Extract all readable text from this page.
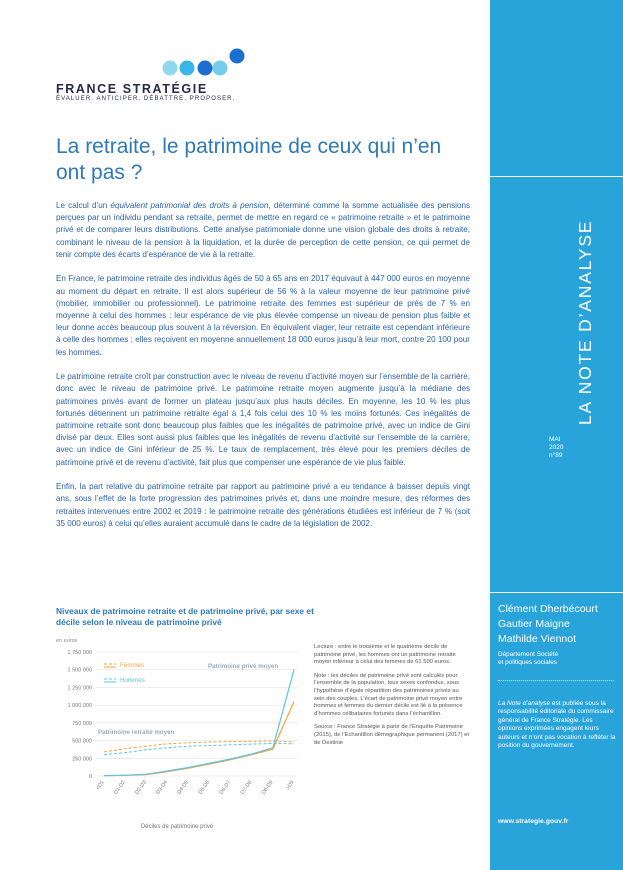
FRANCE STRATÉGIE
ÉVALUER. ANTICIPER. DÉBATTRE. PROPOSER.
La retraite, le patrimoine de ceux qui n’en ont pas ?

Le calcul d’un équivalent patrimonial des droits à pension, déterminé comme la somme actualisée des pensions perçues par un individu pendant sa retraite, permet de mettre en regard ce « patrimoine retraite » et le patrimoine privé et de comparer leurs distributions. Cette analyse patrimoniale donne une vision globale des droits à retraite, combinant le niveau de la pension à la liquidation, et la durée de perception de cette pension, ce qui permet de tenir compte des écarts d’espérance de vie à la retraite.

En France, le patrimoine retraite des individus âgés de 50 à 65 ans en 2017 équivaut à 447 000 euros en moyenne au moment du départ en retraite. Il est alors supérieur de 56 % à la valeur moyenne de leur patrimoine privé (mobilier, immobilier ou professionnel). Le patrimoine retraite des femmes est supérieur de près de 7 % en moyenne à celui des hommes : leur espérance de vie plus élevée compense un niveau de pension plus faible et leur donne accès beaucoup plus souvent à la réversion. En équivalent viager, leur retraite est cependant inférieure à celle des hommes : elles reçoivent en moyenne annuellement 18 000 euros jusqu’à leur mort, contre 20 100 pour les hommes.

Le patrimoine retraite croît par construction avec le niveau de revenu d’activité moyen sur l’ensemble de la carrière, donc avec le niveau de patrimoine privé. Le patrimoine retraite moyen augmente jusqu’à la médiane des patrimoines privés avant de former un plateau jusqu’aux plus hauts déciles. En moyenne, les 10 % les plus fortunés détiennent un patrimoine retraite égal à 1,4 fois celui des 10 % les moins fortunés. Ces inégalités de patrimoine retraite sont donc beaucoup plus faibles que les inégalités de patrimoine privé, avec un indice de Gini divisé par deux. Elles sont aussi plus faibles que les inégalités de revenu d’activité sur l’ensemble de la carrière, avec un indice de Gini inférieur de 25 %. Le taux de remplacement, très élevé pour les premiers déciles de patrimoine privé et de revenu d’activité, fait plus que compenser une espérance de vie plus faible.

Enfin, la part relative du patrimoine retraite par rapport au patrimoine privé a eu tendance à baisser depuis vingt ans, sous l’effet de la forte progression des patrimoines privés et, dans une moindre mesure, des réformes des retraites intervenues entre 2002 et 2019 : le patrimoine retraite des générations étudiées est inférieur de 7 % (soit 35 000 euros) à celui qu’elles auraient accumulé dans le cadre de la législation de 2002.

Niveaux de patrimoine retraite et de patrimoine privé, par sexe et décile selon le niveau de patrimoine privé
en euros
0
250 000
500 000
750 000
1 000 000
1 250 000
1 500 000
1 750 000
<D1 D1-D2 D2-D3 D3-D4 D4-D5 D5-D6 D6-D7 D7-D8 D8-D9 >D9
Déciles de patrimoine privé
Femmes
Hommes
Patrimoine privé moyen
Patrimoine retraite moyen

Lecture : entre le troisième et le quatrième décile de patrimoine privé, les hommes ont un patrimoine retraite moyen inférieur à celui des femmes de 61 500 euros.

Note : les déciles de patrimoine privé sont calculés pour l’ensemble de la population, tous sexes confondus, sous l’hypothèse d’égale répartition des patrimoines privés au sein des couples. L’écart de patrimoine privé moyen entre hommes et femmes du dernier décile est lié à la présence d’hommes célibataires fortunés dans l’échantillon.

Source : France Stratégie à partir de l’Enquête Patrimoine (2015), de l’Échantillon démographique permanent (2017) et de Destinie

LA NOTE D’ANALYSE
MAI
2020
n°89
Clément Dherbécourt
Gautier Maigne
Mathilde Viennot
Département Société
et politiques sociales
La Note d’analyse est publiée sous la responsabilité éditoriale du commissaire général de France Stratégie. Les opinions exprimées engagent leurs auteurs et n’ont pas vocation à refléter la position du gouvernement.
www.strategie.gouv.fr
